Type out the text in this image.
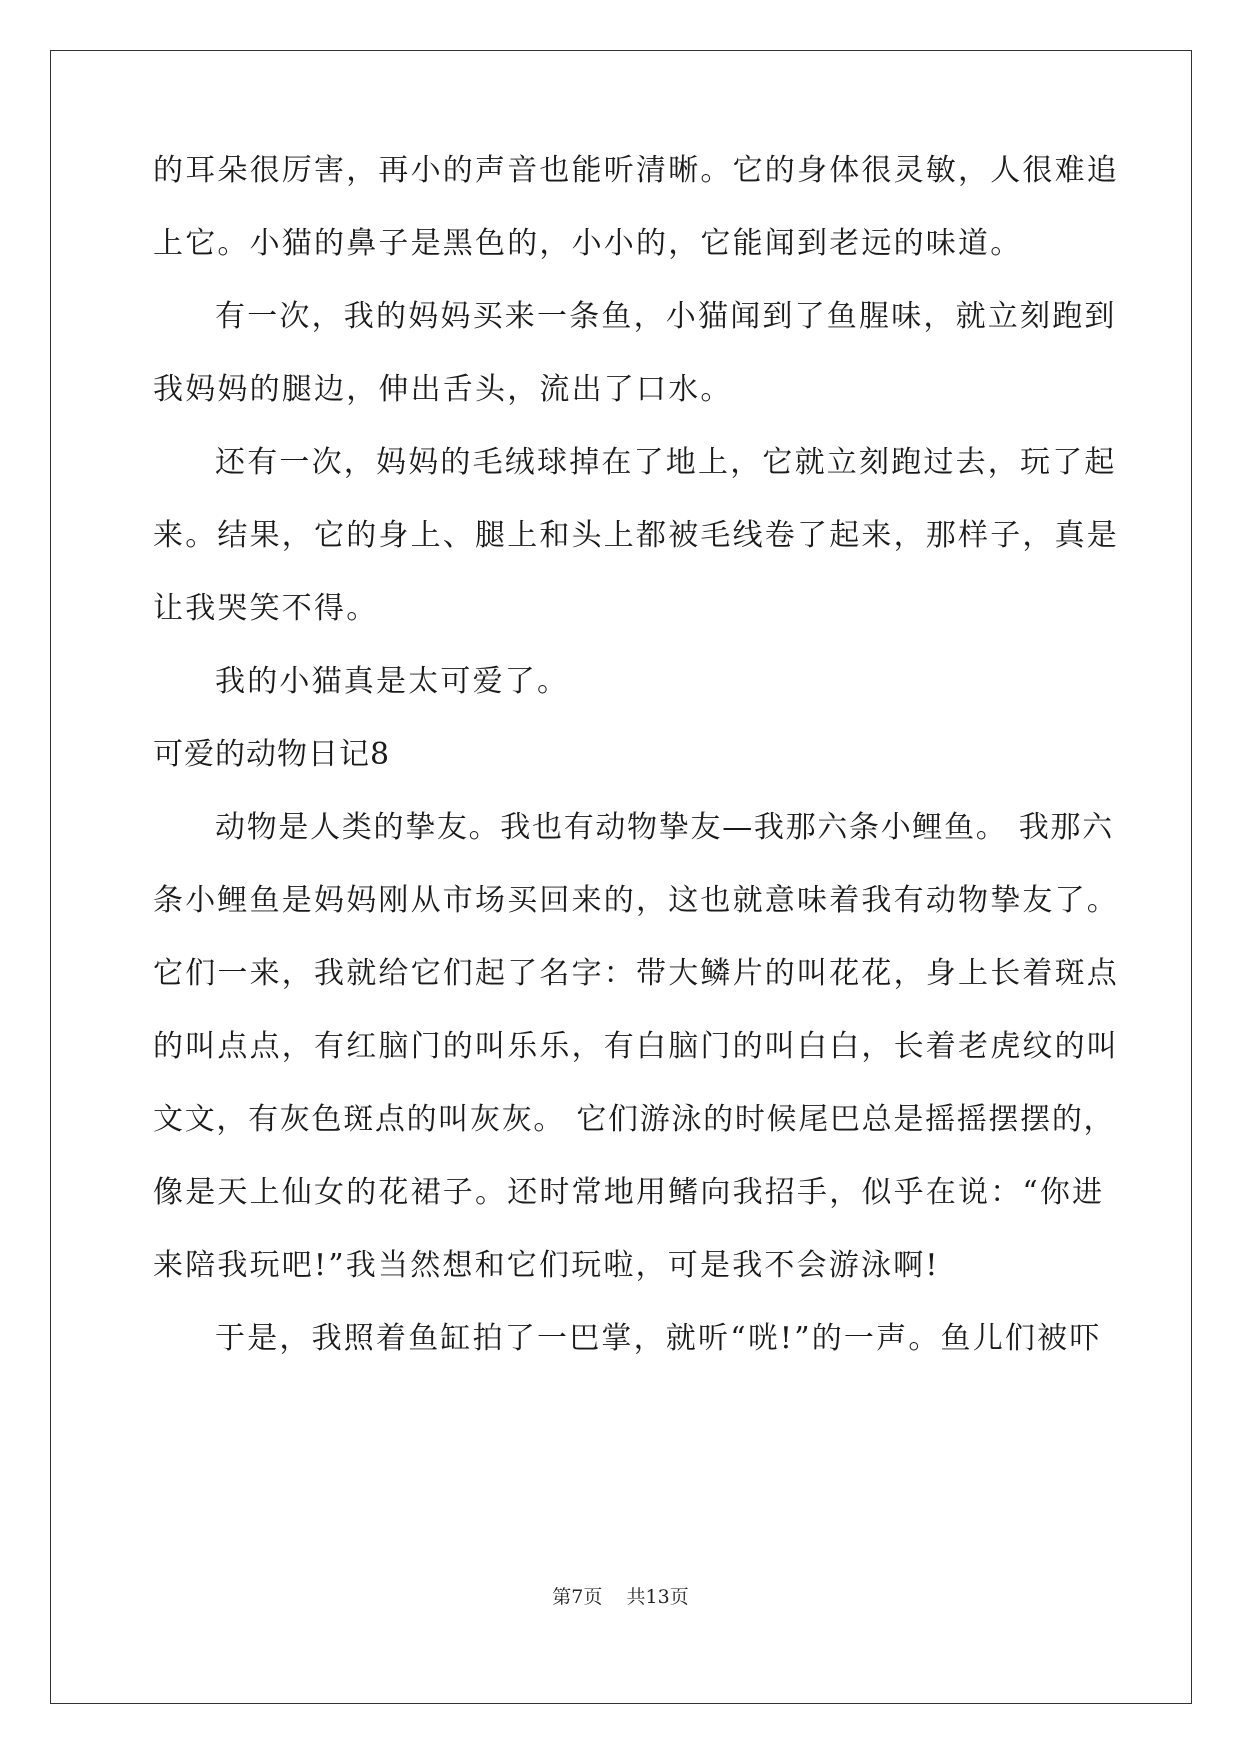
的耳朵很厉害，再小的声音也能听清晰。它的身体很灵敏，人很难追

上它。小猫的鼻子是黑色的，小小的，它能闻到老远的味道。

有一次，我的妈妈买来一条鱼，小猫闻到了鱼腥味，就立刻跑到

我妈妈的腿边，伸出舌头，流出了口水。

还有一次，妈妈的毛绒球掉在了地上，它就立刻跑过去，玩了起

来。结果，它的身上、腿上和头上都被毛线卷了起来，那样子，真是

让我哭笑不得。

我的小猫真是太可爱了。

可爱的动物日记8

动物是人类的挚友。我也有动物挚友—我那六条小鲤鱼。 我那六

条小鲤鱼是妈妈刚从市场买回来的，这也就意味着我有动物挚友了。

它们一来，我就给它们起了名字：带大鳞片的叫花花，身上长着斑点

的叫点点，有红脑门的叫乐乐，有白脑门的叫白白，长着老虎纹的叫

文文，有灰色斑点的叫灰灰。 它们游泳的时候尾巴总是摇摇摆摆的，

像是天上仙女的花裙子。还时常地用鳍向我招手，似乎在说：“你进

来陪我玩吧!”我当然想和它们玩啦，可是我不会游泳啊!

于是，我照着鱼缸拍了一巴掌，就听“咣!”的一声。鱼儿们被吓

第7页 共13页
